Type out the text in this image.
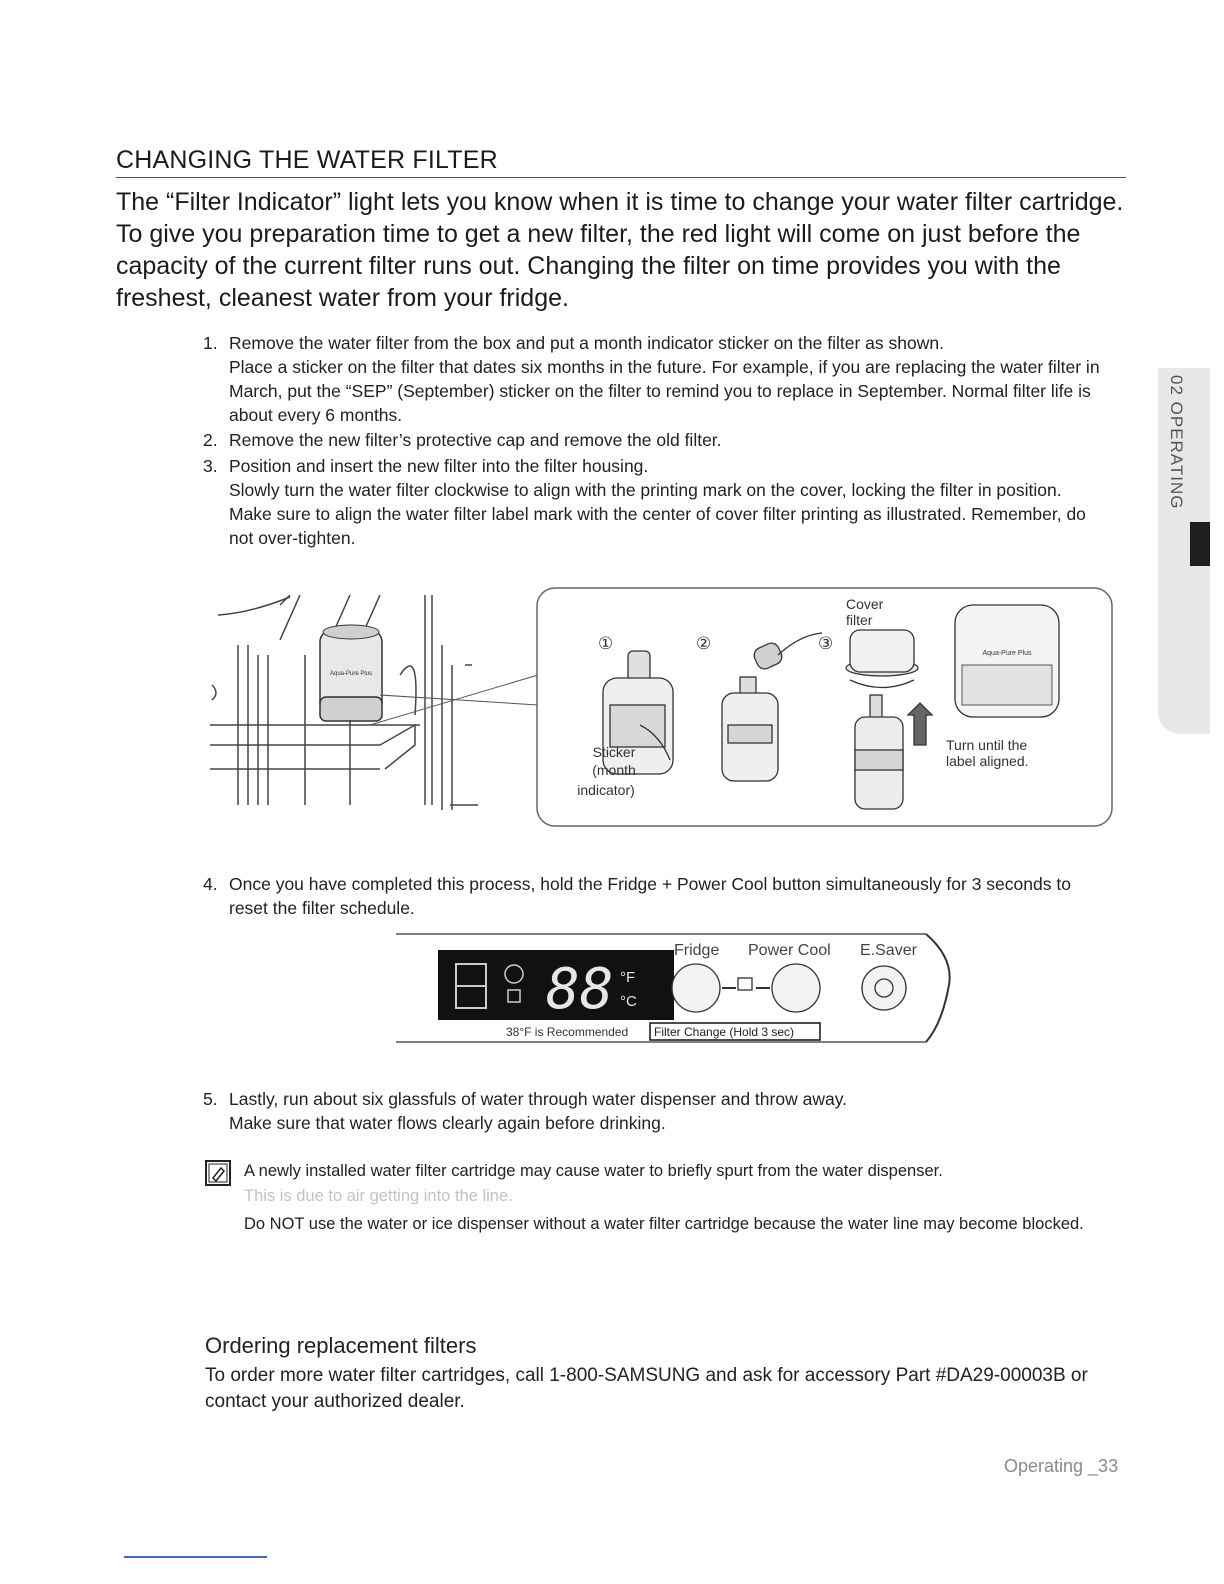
CHANGING THE WATER FILTER
The “Filter Indicator” light lets you know when it is time to change your water filter cartridge. To give you preparation time to get a new filter, the red light will come on just before the capacity of the current filter runs out. Changing the filter on time provides you with the freshest, cleanest water from your fridge.
1. Remove the water filter from the box and put a month indicator sticker on the filter as shown.
Place a sticker on the filter that dates six months in the future. For example, if you are replacing the water filter in March, put the “SEP” (September) sticker on the filter to remind you to replace in September. Normal filter life is about every 6 months.
2. Remove the new filter’s protective cap and remove the old filter.
3. Position and insert the new filter into the filter housing.
Slowly turn the water filter clockwise to align with the printing mark on the cover, locking the filter in position. Make sure to align the water filter label mark with the center of cover filter printing as illustrated. Remember, do not over-tighten.
02 OPERATING
Aqua-Pure Plus
①	②	③
Sticker
(month
indicator)
Cover
filter
Aqua-Pure Plus
Turn until the
label aligned.
4. Once you have completed this process, hold the Fridge + Power Cool button simultaneously for 3 seconds to reset the filter schedule.
88 °F
°C
38°F is Recommended
Fridge Power Cool E.Saver
Filter Change (Hold 3 sec)
5. Lastly, run about six glassfuls of water through water dispenser and throw away.
Make sure that water flows clearly again before drinking.
A newly installed water filter cartridge may cause water to briefly spurt from the water dispenser.
This is due to air getting into the line.
Do NOT use the water or ice dispenser without a water filter cartridge because the water line may become blocked.
Ordering replacement filters
To order more water filter cartridges, call 1-800-SAMSUNG and ask for accessory Part #DA29-00003B or contact your authorized dealer.
Operating _33
